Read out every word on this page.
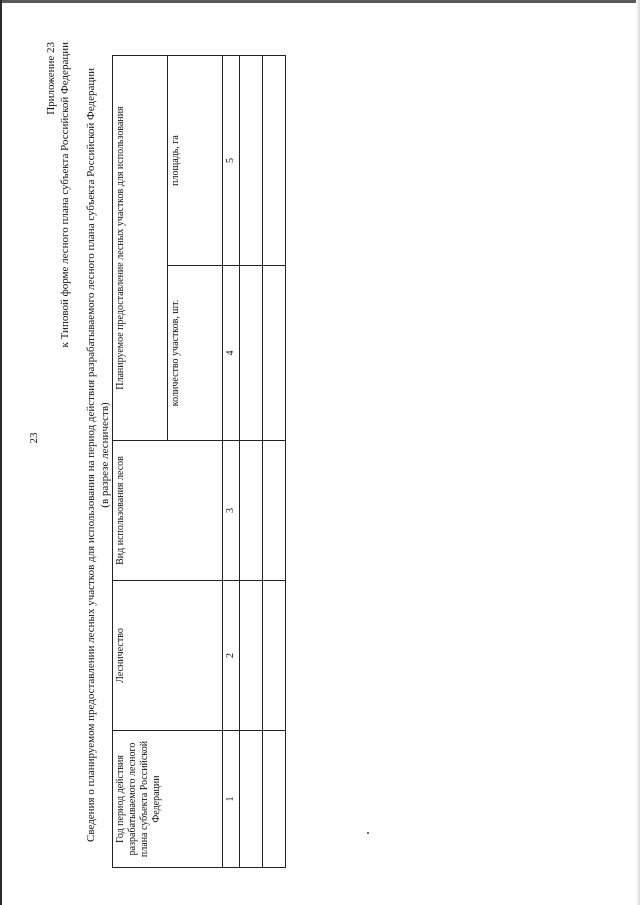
23
Приложение 23 к Типовой форме лесного плана субъекта Российской Федерации Сведения о планируемом предоставлении лесных участков для использования на период действия разрабатываемого лесного плана субъекта Российской Федерации (в разрезе лесничеств)
Год период действия разрабатываемого лесного плана субъекта Российской Федерации	Лесничество	Вид использования лесов	Планируемое предоставление лесных участков для использования	
			количество участков, шт.	площадь, га
1	2	3	4	5
